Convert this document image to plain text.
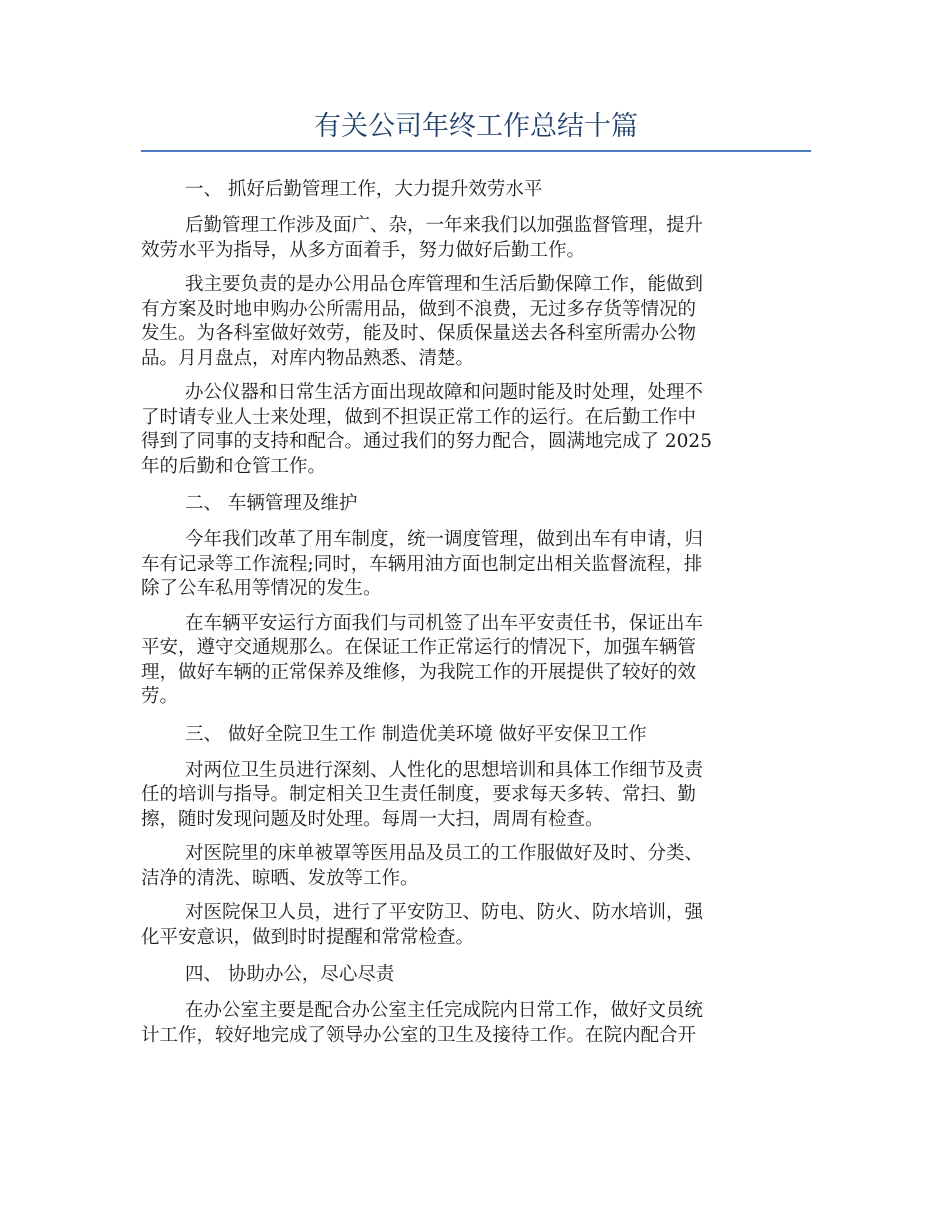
有关公司年终工作总结十篇
一、 抓好后勤管理工作，大力提升效劳水平
后勤管理工作涉及面广、杂，一年来我们以加强监督管理，提升
效劳水平为指导，从多方面着手，努力做好后勤工作。
我主要负责的是办公用品仓库管理和生活后勤保障工作，能做到
有方案及时地申购办公所需用品，做到不浪费，无过多存货等情况的
发生。为各科室做好效劳，能及时、保质保量送去各科室所需办公物
品。月月盘点，对库内物品熟悉、清楚。
办公仪器和日常生活方面出现故障和问题时能及时处理，处理不
了时请专业人士来处理，做到不担误正常工作的运行。在后勤工作中
得到了同事的支持和配合。通过我们的努力配合，圆满地完成了 2025
年的后勤和仓管工作。
二、 车辆管理及维护
今年我们改革了用车制度，统一调度管理，做到出车有申请，归
车有记录等工作流程;同时，车辆用油方面也制定出相关监督流程，排
除了公车私用等情况的发生。
在车辆平安运行方面我们与司机签了出车平安责任书，保证出车
平安，遵守交通规那么。在保证工作正常运行的情况下，加强车辆管
理，做好车辆的正常保养及维修，为我院工作的开展提供了较好的效
劳。
三、 做好全院卫生工作 制造优美环境 做好平安保卫工作
对两位卫生员进行深刻、人性化的思想培训和具体工作细节及责
任的培训与指导。制定相关卫生责任制度，要求每天多转、常扫、勤
擦，随时发现问题及时处理。每周一大扫，周周有检查。
对医院里的床单被罩等医用品及员工的工作服做好及时、分类、
洁净的清洗、晾晒、发放等工作。
对医院保卫人员，进行了平安防卫、防电、防火、防水培训，强
化平安意识，做到时时提醒和常常检查。
四、 协助办公，尽心尽责
在办公室主要是配合办公室主任完成院内日常工作，做好文员统
计工作，较好地完成了领导办公室的卫生及接待工作。在院内配合开
